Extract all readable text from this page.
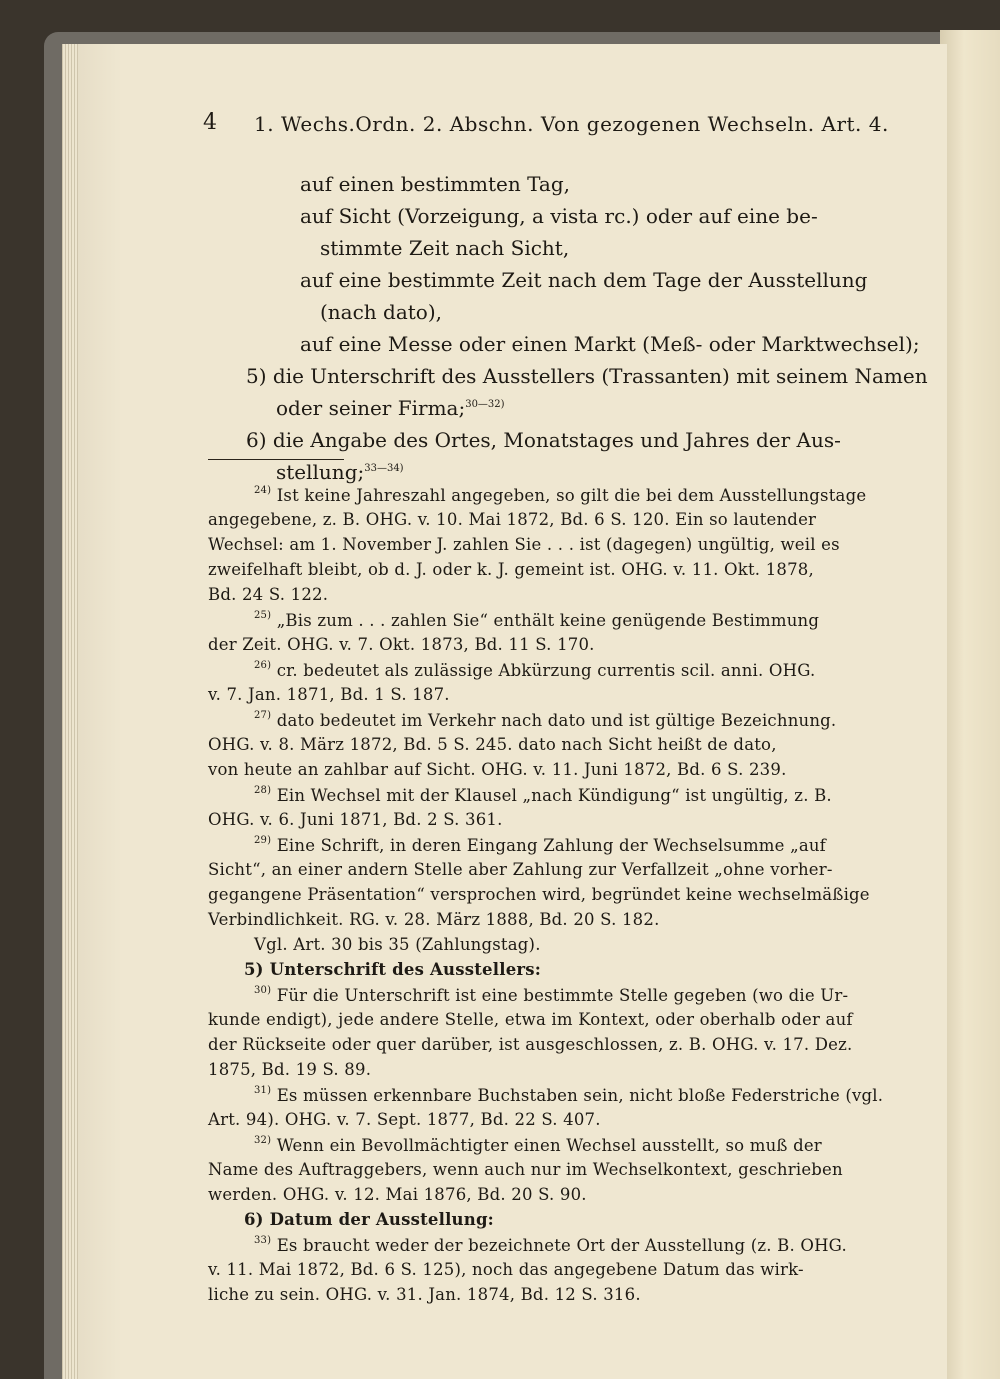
4 1. Wechs.Ordn. 2. Abschn. Von gezogenen Wechseln. Art. 4.
auf einen bestimmten Tag,
auf Sicht (Vorzeigung, a vista rc.) oder auf eine be-
stimmte Zeit nach Sicht,
auf eine bestimmte Zeit nach dem Tage der Ausstellung
(nach dato),
auf eine Messe oder einen Markt (Meß- oder Marktwechsel);
5) die Unterschrift des Ausstellers (Trassanten) mit seinem Namen
oder seiner Firma;$^{30—32)}$
6) die Angabe des Ortes, Monatstages und Jahres der Aus-
stellung;$^{33—34)}$
$^{24)}$ Ist keine Jahreszahl angegeben, so gilt die bei dem Ausstellungstage
angegebene, z. B. OHG. v. 10. Mai 1872, Bd. 6 S. 120. Ein so lautender
Wechsel: am 1. November J. zahlen Sie . . . ist (dagegen) ungültig, weil es
zweifelhaft bleibt, ob d. J. oder k. J. gemeint ist. OHG. v. 11. Okt. 1878,
Bd. 24 S. 122.
$^{25)}$ „Bis zum . . . zahlen Sie“ enthält keine genügende Bestimmung
der Zeit. OHG. v. 7. Okt. 1873, Bd. 11 S. 170.
$^{26)}$ cr. bedeutet als zulässige Abkürzung currentis scil. anni. OHG.
v. 7. Jan. 1871, Bd. 1 S. 187.
$^{27)}$ dato bedeutet im Verkehr nach dato und ist gültige Bezeichnung.
OHG. v. 8. März 1872, Bd. 5 S. 245. dato nach Sicht heißt de dato,
von heute an zahlbar auf Sicht. OHG. v. 11. Juni 1872, Bd. 6 S. 239.
$^{28)}$ Ein Wechsel mit der Klausel „nach Kündigung“ ist ungültig, z. B.
OHG. v. 6. Juni 1871, Bd. 2 S. 361.
$^{29)}$ Eine Schrift, in deren Eingang Zahlung der Wechselsumme „auf
Sicht“, an einer andern Stelle aber Zahlung zur Verfallzeit „ohne vorher-
gegangene Präsentation“ versprochen wird, begründet keine wechselmäßige
Verbindlichkeit. RG. v. 28. März 1888, Bd. 20 S. 182.
Vgl. Art. 30 bis 35 (Zahlungstag).
5) Unterschrift des Ausstellers:
$^{30)}$ Für die Unterschrift ist eine bestimmte Stelle gegeben (wo die Ur-
kunde endigt), jede andere Stelle, etwa im Kontext, oder oberhalb oder auf
der Rückseite oder quer darüber, ist ausgeschlossen, z. B. OHG. v. 17. Dez.
1875, Bd. 19 S. 89.
$^{31)}$ Es müssen erkennbare Buchstaben sein, nicht bloße Federstriche (vgl.
Art. 94). OHG. v. 7. Sept. 1877, Bd. 22 S. 407.
$^{32)}$ Wenn ein Bevollmächtigter einen Wechsel ausstellt, so muß der
Name des Auftraggebers, wenn auch nur im Wechselkontext, geschrieben
werden. OHG. v. 12. Mai 1876, Bd. 20 S. 90.
6) Datum der Ausstellung:
$^{33)}$ Es braucht weder der bezeichnete Ort der Ausstellung (z. B. OHG.
v. 11. Mai 1872, Bd. 6 S. 125), noch das angegebene Datum das wirk-
liche zu sein. OHG. v. 31. Jan. 1874, Bd. 12 S. 316.
